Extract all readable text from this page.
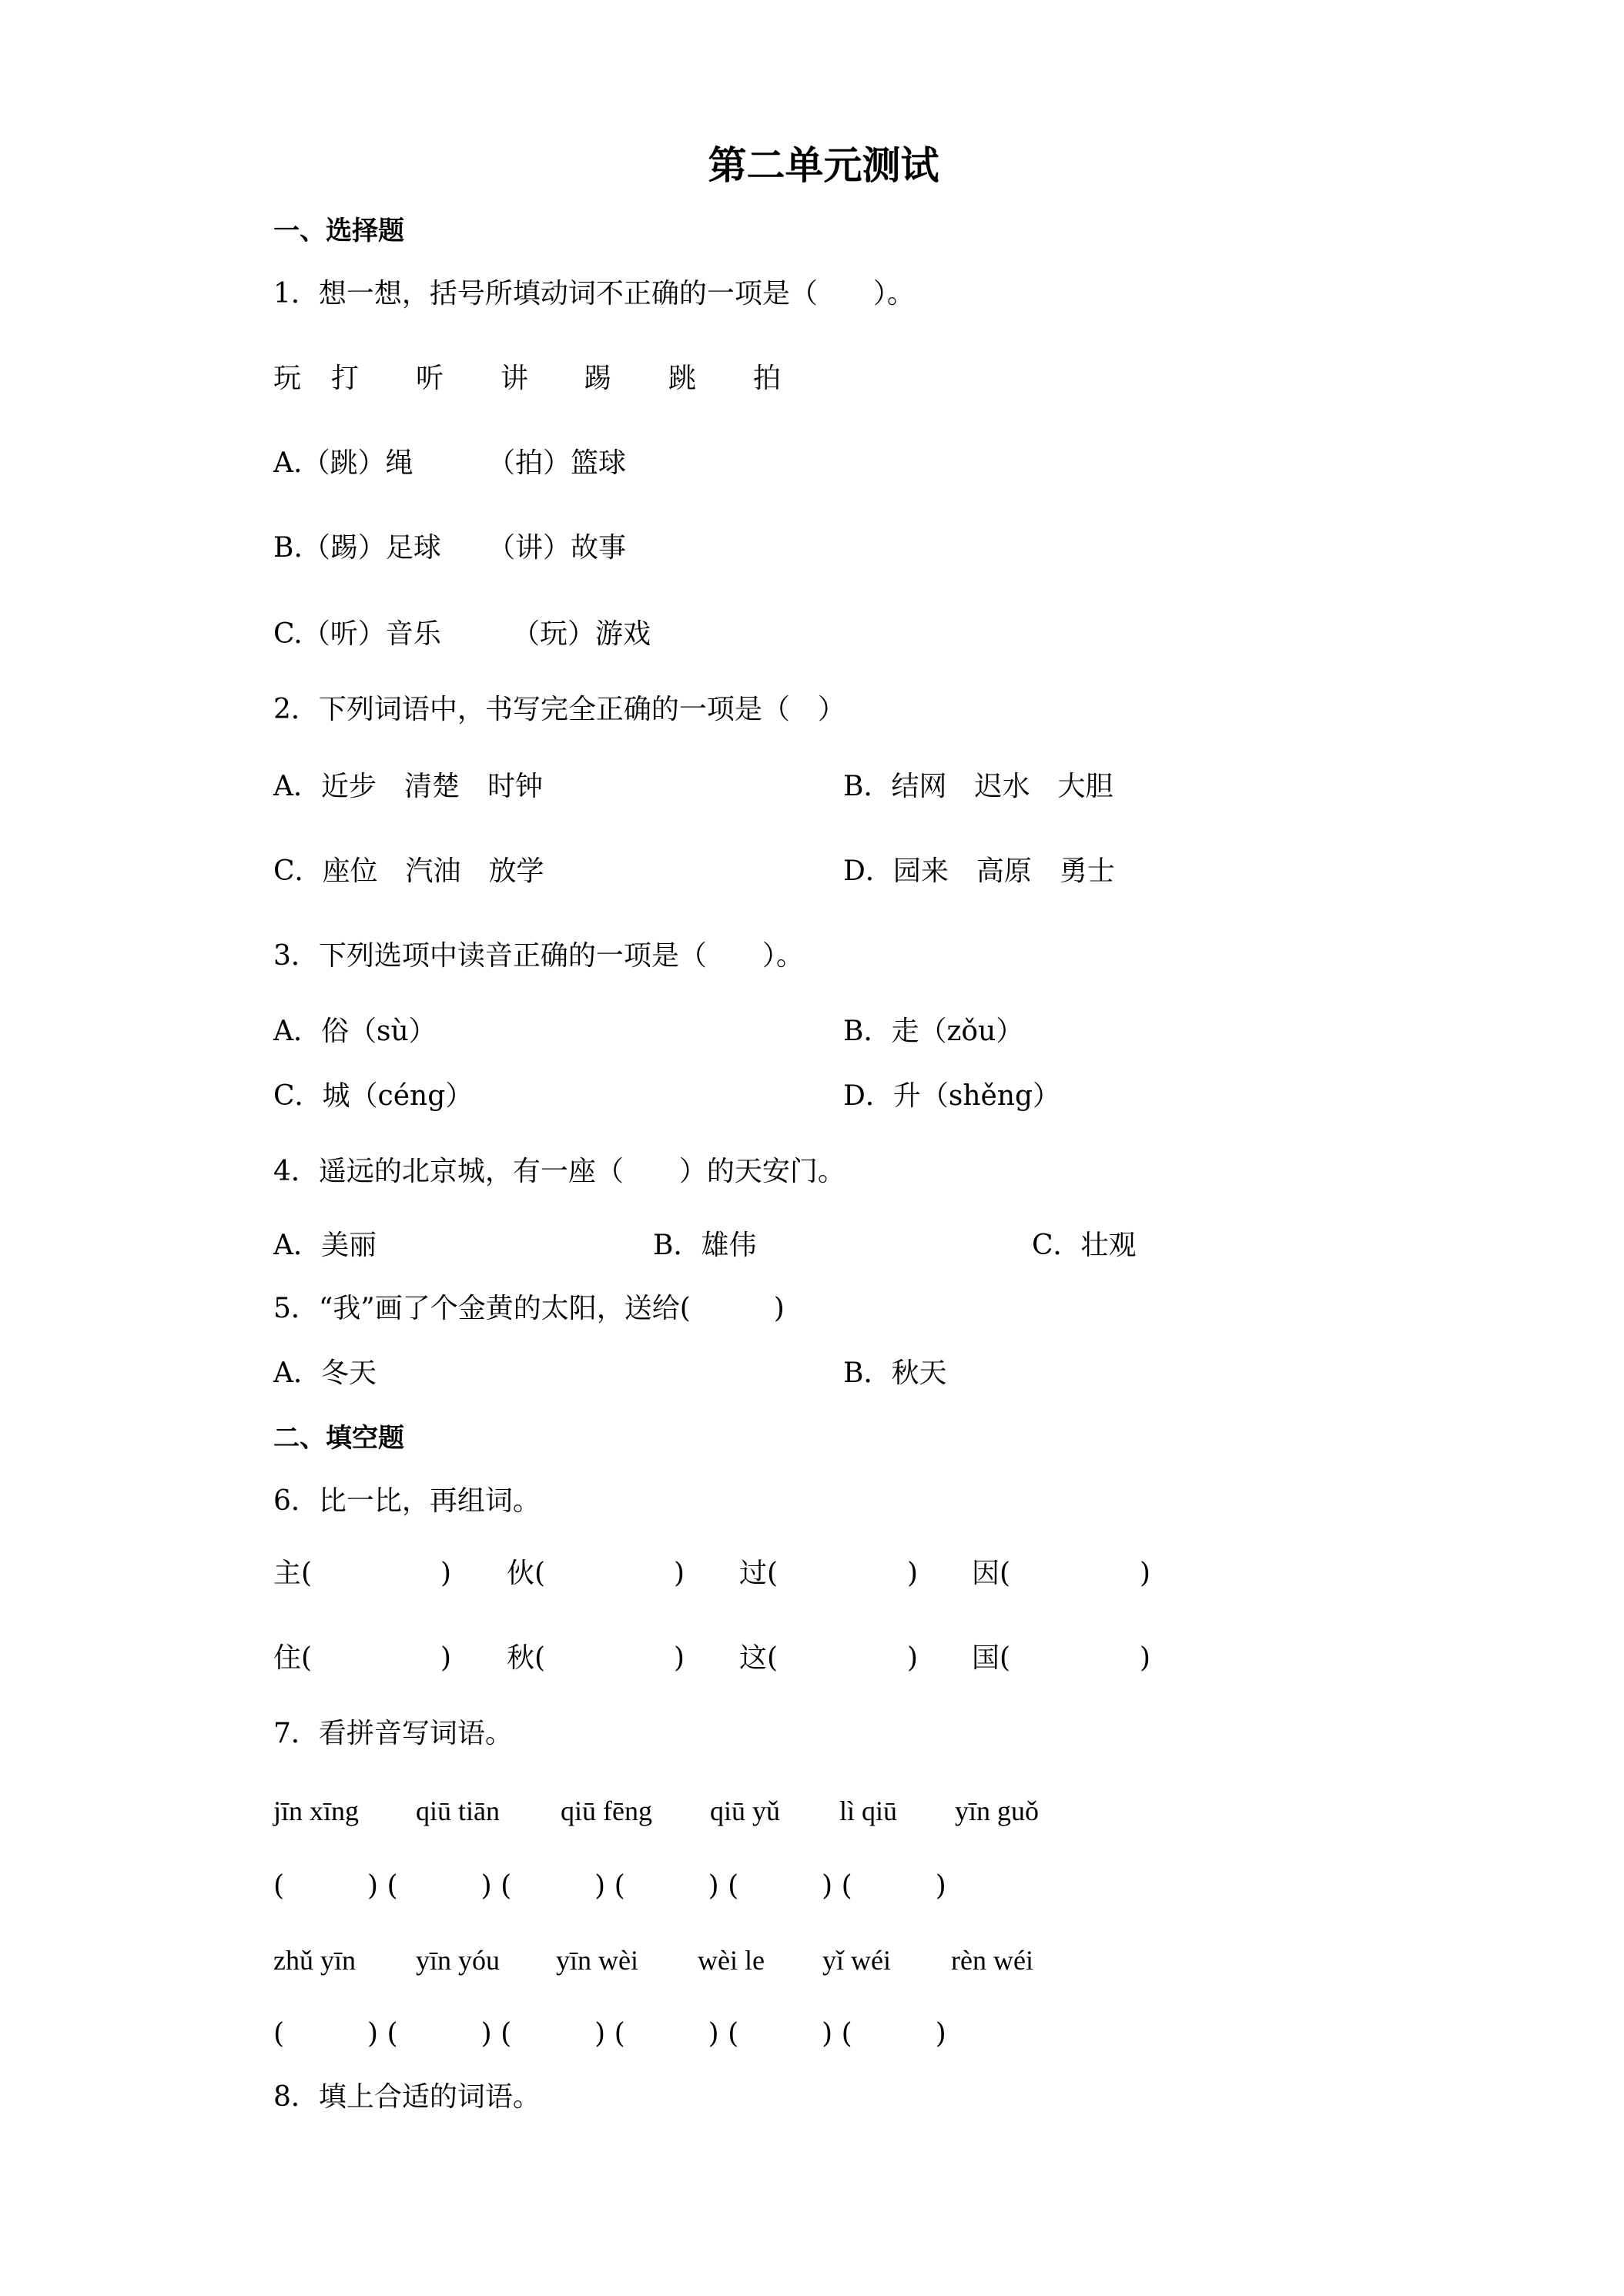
第二单元测试
一、选择题
1．想一想，括号所填动词不正确的一项是（　　）。
玩 打 听 讲 踢 跳 拍
A.（跳）绳	（拍）篮球
B.（踢）足球 （讲）故事
C.（听）音乐	（玩）游戏
2．下列词语中，书写完全正确的一项是（　）
A．近步　清楚　时钟	B．结网　迟水　大胆
C．座位　汽油　放学	D．园来　高原　勇士
3．下列选项中读音正确的一项是（　　）。
A．俗（sù）	B．走（zǒu）
C．城（céng）	D．升（shěng）
4．遥远的北京城，有一座（　　）的天安门。
A．美丽	B．雄伟	C．壮观
5．“我”画了个金黄的太阳，送给(　　　)
A．冬天	B．秋天
二、填空题
6．比一比，再组词。
主(	) 伙(	) 过(	) 因(	)
住(	) 秋(	) 这(	) 国(	)
7．看拼音写词语。
jīn xīng qiū tiān qiū fēng qiū yǔ lì qiū yīn guǒ
(　　　) (　　　) (　　　) (　　　) (　　　) (　　　)
zhǔ yīn yīn yóu yīn wèi wèi le yǐ wéi rèn wéi
(　　　) (　　　) (　　　) (　　　) (　　　) (　　　)
8．填上合适的词语。
